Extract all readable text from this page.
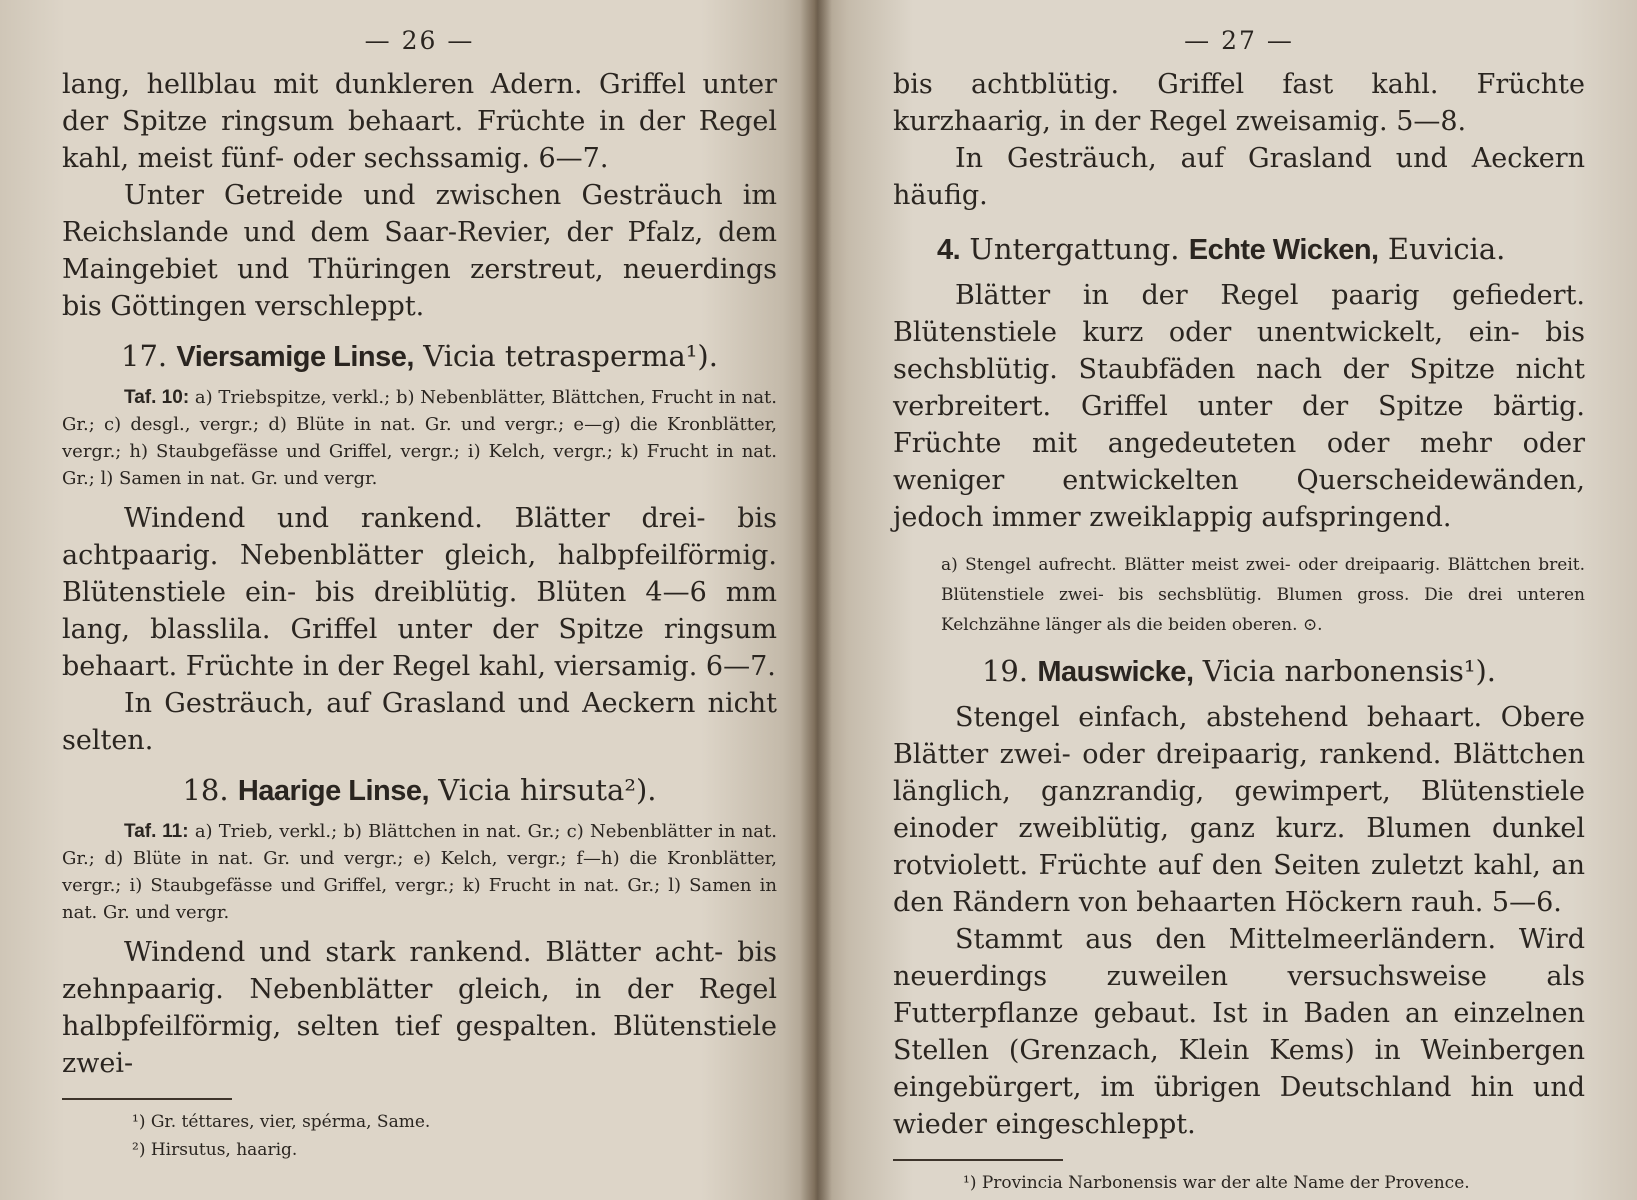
— 26 —

lang, hellblau mit dunkleren Adern. Griffel unter der Spitze ringsum behaart. Früchte in der Regel kahl, meist fünf- oder sechssamig. 6—7.

Unter Getreide und zwischen Gesträuch im Reichslande und dem Saar-Revier, der Pfalz, dem Maingebiet und Thüringen zerstreut, neuerdings bis Göttingen verschleppt.

17. Viersamige Linse, Vicia tetrasperma¹).

Taf. 10: a) Triebspitze, verkl.; b) Nebenblätter, Blättchen, Frucht in nat. Gr.; c) desgl., vergr.; d) Blüte in nat. Gr. und vergr.; e—g) die Kronblätter, vergr.; h) Staubgefässe und Griffel, vergr.; i) Kelch, vergr.; k) Frucht in nat. Gr.; l) Samen in nat. Gr. und vergr.

Windend und rankend. Blätter drei- bis achtpaarig. Nebenblätter gleich, halbpfeilförmig. Blütenstiele ein- bis dreiblütig. Blüten 4—6 mm lang, blasslila. Griffel unter der Spitze ringsum behaart. Früchte in der Regel kahl, viersamig. 6—7.

In Gesträuch, auf Grasland und Aeckern nicht selten.

18. Haarige Linse, Vicia hirsuta²).

Taf. 11: a) Trieb, verkl.; b) Blättchen in nat. Gr.; c) Nebenblätter in nat. Gr.; d) Blüte in nat. Gr. und vergr.; e) Kelch, vergr.; f—h) die Kronblätter, vergr.; i) Staubgefässe und Griffel, vergr.; k) Frucht in nat. Gr.; l) Samen in nat. Gr. und vergr.

Windend und stark rankend. Blätter acht- bis zehnpaarig. Nebenblätter gleich, in der Regel halbpfeilförmig, selten tief gespalten. Blütenstiele zwei-

¹) Gr. téttares, vier, spérma, Same.

²) Hirsutus, haarig.

— 27 —

bis achtblütig. Griffel fast kahl. Früchte kurzhaarig, in der Regel zweisamig. 5—8.

In Gesträuch, auf Grasland und Aeckern häufig.

4. Untergattung. Echte Wicken, Euvicia.

Blätter in der Regel paarig gefiedert. Blütenstiele kurz oder unentwickelt, ein- bis sechsblütig. Staubfäden nach der Spitze nicht verbreitert. Griffel unter der Spitze bärtig. Früchte mit angedeuteten oder mehr oder weniger entwickelten Querscheidewänden, jedoch immer zweiklappig aufspringend.

a) Stengel aufrecht. Blätter meist zwei- oder dreipaarig. Blättchen breit. Blütenstiele zwei- bis sechsblütig. Blumen gross. Die drei unteren Kelchzähne länger als die beiden oberen. ⊙.

19. Mauswicke, Vicia narbonensis¹).

Stengel einfach, abstehend behaart. Obere Blätter zwei- oder dreipaarig, rankend. Blättchen länglich, ganzrandig, gewimpert, Blütenstiele einoder zweiblütig, ganz kurz. Blumen dunkel rotviolett. Früchte auf den Seiten zuletzt kahl, an den Rändern von behaarten Höckern rauh. 5—6.

Stammt aus den Mittelmeerländern. Wird neuerdings zuweilen versuchsweise als Futterpflanze gebaut. Ist in Baden an einzelnen Stellen (Grenzach, Klein Kems) in Weinbergen eingebürgert, im übrigen Deutschland hin und wieder eingeschleppt.

¹) Provincia Narbonensis war der alte Name der Provence.
